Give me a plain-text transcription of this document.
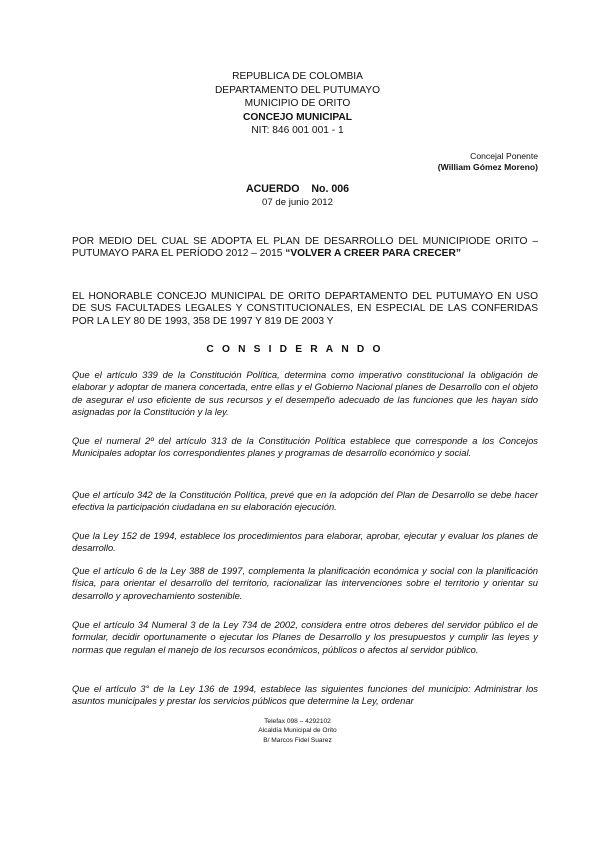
REPUBLICA DE COLOMBIA
DEPARTAMENTO DEL PUTUMAYO
MUNICIPIO DE ORITO
CONCEJO MUNICIPAL
NIT: 846 001 001 - 1
Concejal Ponente
(William Gómez Moreno)
ACUERDO    No. 006
07 de junio 2012
POR MEDIO DEL CUAL SE ADOPTA EL PLAN DE DESARROLLO DEL MUNICIPIODE ORITO – PUTUMAYO PARA EL PERÍODO 2012 – 2015 “VOLVER A CREER PARA CRECER”
EL HONORABLE CONCEJO MUNICIPAL DE ORITO DEPARTAMENTO DEL PUTUMAYO EN USO DE SUS FACULTADES LEGALES Y CONSTITUCIONALES, EN ESPECIAL DE LAS CONFERIDAS POR LA LEY 80 DE 1993, 358 DE 1997 Y 819 DE 2003 Y
CONSIDERANDO

Que el artículo 339 de la Constitución Política, determina como imperativo constitucional la obligación de elaborar y adoptar de manera concertada, entre ellas y el Gobierno Nacional planes de Desarrollo con el objeto de asegurar el uso eficiente de sus recursos y el desempeño adecuado de las funciones que les hayan sido asignadas por la Constitución y la ley.

Que el numeral 2º del artículo 313 de la Constitución Política establece que corresponde a los Concejos Municipales adoptar los correspondientes planes y programas de desarrollo económico y social.

Que el artículo 342 de la Constitución Política, prevé que en la adopción del Plan de Desarrollo se debe hacer efectiva la participación ciudadana en su elaboración ejecución.

Que la Ley 152 de 1994, establece los procedimientos para elaborar, aprobar, ejecutar y evaluar los planes de desarrollo.

Que el artículo 6 de la Ley 388 de 1997, complementa la planificación económica y social con la planificación física, para orientar el desarrollo del territorio, racionalizar las intervenciones sobre el territorio y orientar su desarrollo y aprovechamiento sostenible.

Que el artículo 34 Numeral 3 de la Ley 734 de 2002, considera entre otros deberes del servidor público el de formular, decidir oportunamente o ejecutar los Planes de Desarrollo y los presupuestos y cumplir las leyes y normas que regulan el manejo de los recursos económicos, públicos o afectos al servidor público.

Que el artículo 3° de la Ley 136 de 1994, establece las siguientes funciones del municipio: Administrar los asuntos municipales y prestar los servicios públicos que determine la Ley, ordenar

Telefax 098 – 4292102
Alcaldía Municipal de Orito
B/ Marcos Fidel Suarez
